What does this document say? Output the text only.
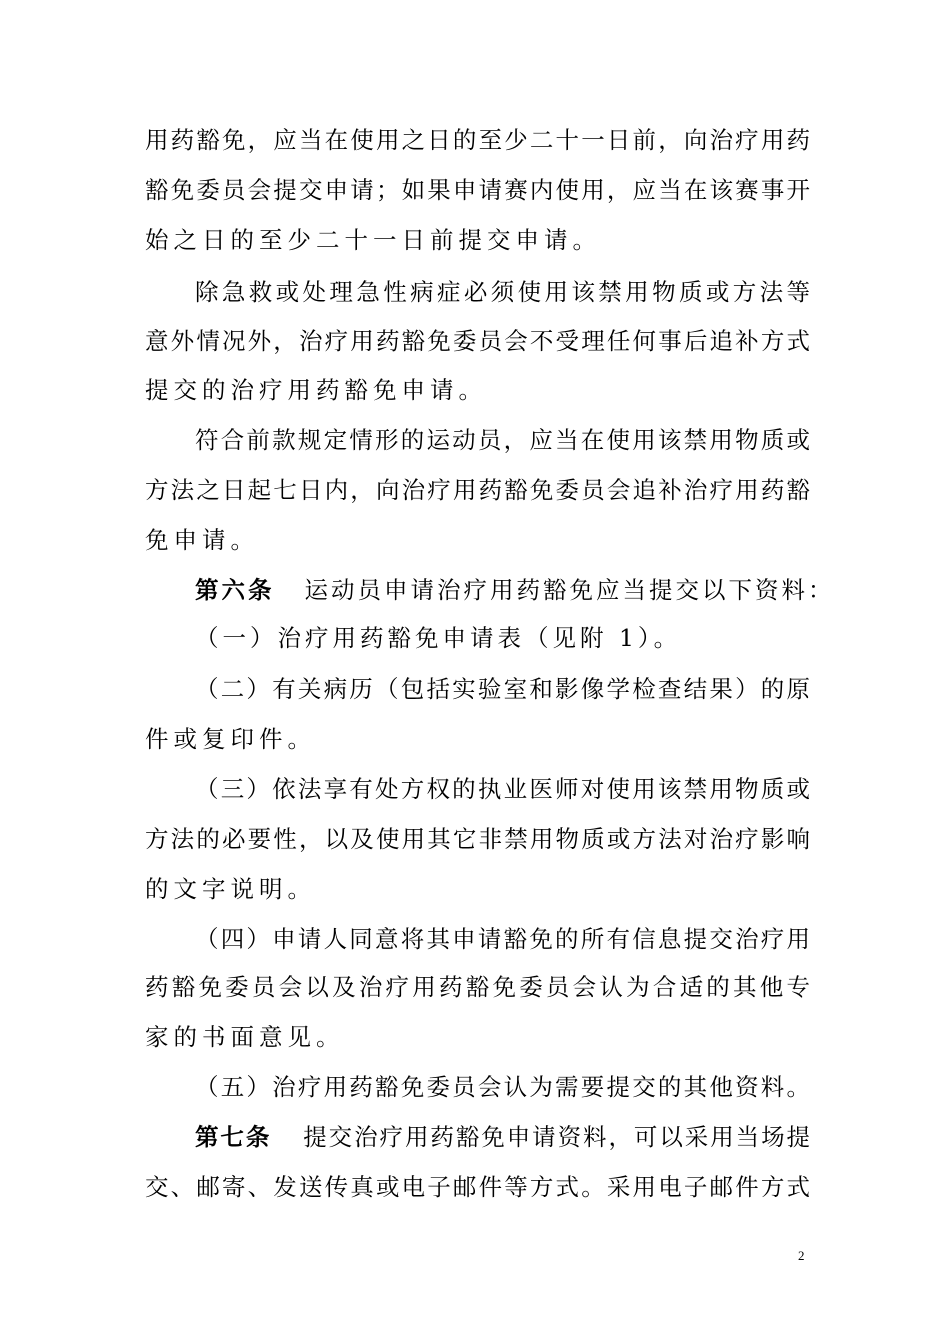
用药豁免，应当在使用之日的至少二十一日前，向治疗用药
豁免委员会提交申请；如果申请赛内使用，应当在该赛事开
始之日的至少二十一日前提交申请。
除急救或处理急性病症必须使用该禁用物质或方法等
意外情况外，治疗用药豁免委员会不受理任何事后追补方式
提交的治疗用药豁免申请。
符合前款规定情形的运动员，应当在使用该禁用物质或
方法之日起七日内，向治疗用药豁免委员会追补治疗用药豁
免申请。
第六条 运动员申请治疗用药豁免应当提交以下资料：
（一）治疗用药豁免申请表（见附 1）。
（二）有关病历（包括实验室和影像学检查结果）的原
件或复印件。
（三）依法享有处方权的执业医师对使用该禁用物质或
方法的必要性，以及使用其它非禁用物质或方法对治疗影响
的文字说明。
（四）申请人同意将其申请豁免的所有信息提交治疗用
药豁免委员会以及治疗用药豁免委员会认为合适的其他专
家的书面意见。
（五）治疗用药豁免委员会认为需要提交的其他资料。
第七条 提交治疗用药豁免申请资料，可以采用当场提
交、邮寄、发送传真或电子邮件等方式。采用电子邮件方式
2
